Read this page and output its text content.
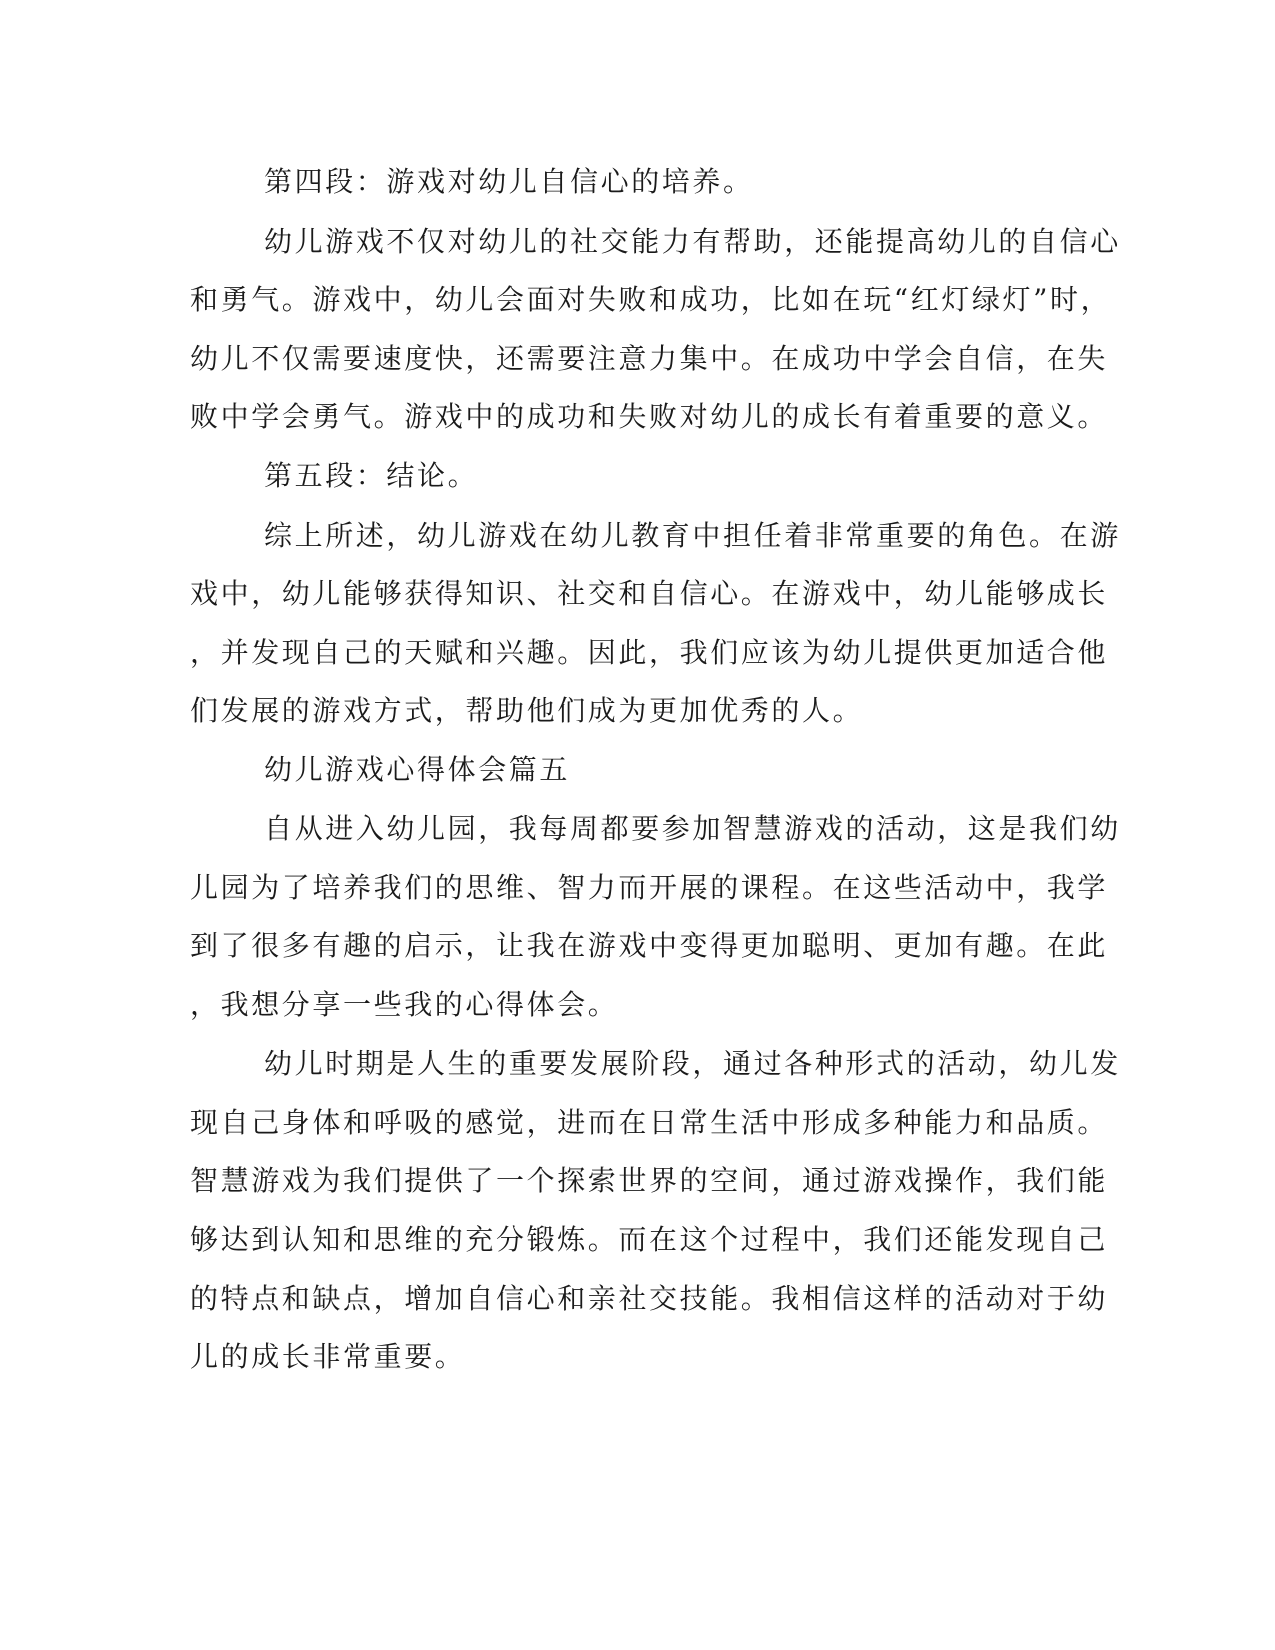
第四段：游戏对幼儿自信心的培养。
幼儿游戏不仅对幼儿的社交能力有帮助，还能提高幼儿的自信心
和勇气。游戏中，幼儿会面对失败和成功，比如在玩“红灯绿灯”时，
幼儿不仅需要速度快，还需要注意力集中。在成功中学会自信，在失
败中学会勇气。游戏中的成功和失败对幼儿的成长有着重要的意义。
第五段：结论。
综上所述，幼儿游戏在幼儿教育中担任着非常重要的角色。在游
戏中，幼儿能够获得知识、社交和自信心。在游戏中，幼儿能够成长
，并发现自己的天赋和兴趣。因此，我们应该为幼儿提供更加适合他
们发展的游戏方式，帮助他们成为更加优秀的人。
幼儿游戏心得体会篇五
自从进入幼儿园，我每周都要参加智慧游戏的活动，这是我们幼
儿园为了培养我们的思维、智力而开展的课程。在这些活动中，我学
到了很多有趣的启示，让我在游戏中变得更加聪明、更加有趣。在此
，我想分享一些我的心得体会。
幼儿时期是人生的重要发展阶段，通过各种形式的活动，幼儿发
现自己身体和呼吸的感觉，进而在日常生活中形成多种能力和品质。
智慧游戏为我们提供了一个探索世界的空间，通过游戏操作，我们能
够达到认知和思维的充分锻炼。而在这个过程中，我们还能发现自己
的特点和缺点，增加自信心和亲社交技能。我相信这样的活动对于幼
儿的成长非常重要。
